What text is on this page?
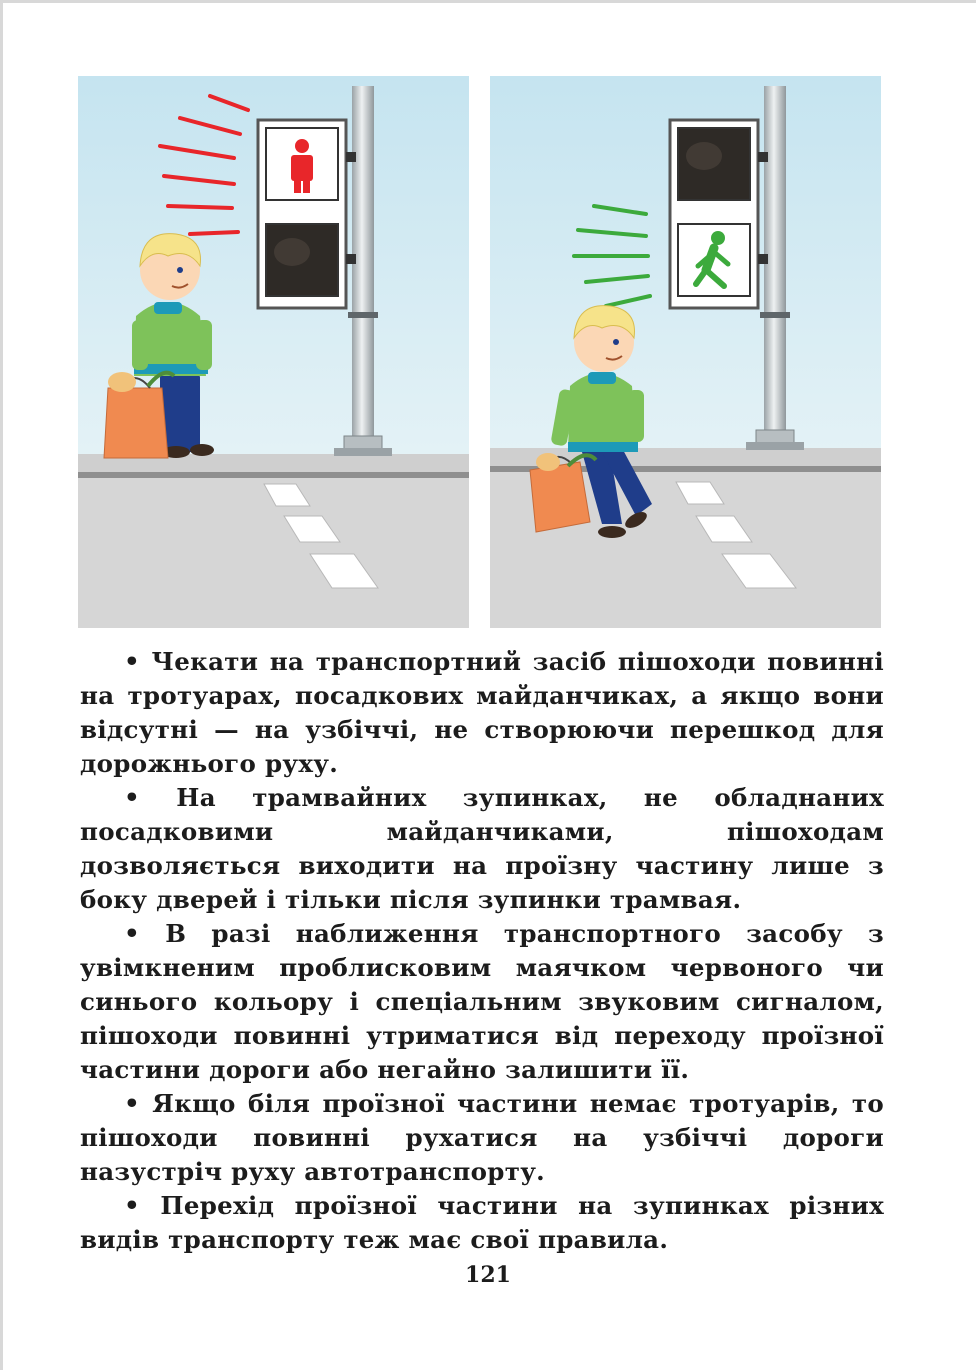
• Чекати на транспортний засіб пішоходи повинні на тротуарах, посадкових майданчиках, а якщо вони відсутні — на узбіччі, не створюючи перешкод для дорожнього руху.

• На трамвайних зупинках, не обладнаних посадковими майданчиками, пішоходам дозволяється виходити на проїзну частину лише з боку дверей і тільки після зупинки трамвая.

• В разі наближення транспортного засобу з увімкненим проблисковим маячком червоного чи синього кольору і спеціальним звуковим сигналом, пішоходи повинні утриматися від переходу проїзної частини дороги або негайно залишити її.

• Якщо біля проїзної частини немає тротуарів, то пішоходи повинні рухатися на узбіччі дороги назустріч руху автотранспорту.

• Перехід проїзної частини на зупинках різних видів транспорту теж має свої правила.

121
